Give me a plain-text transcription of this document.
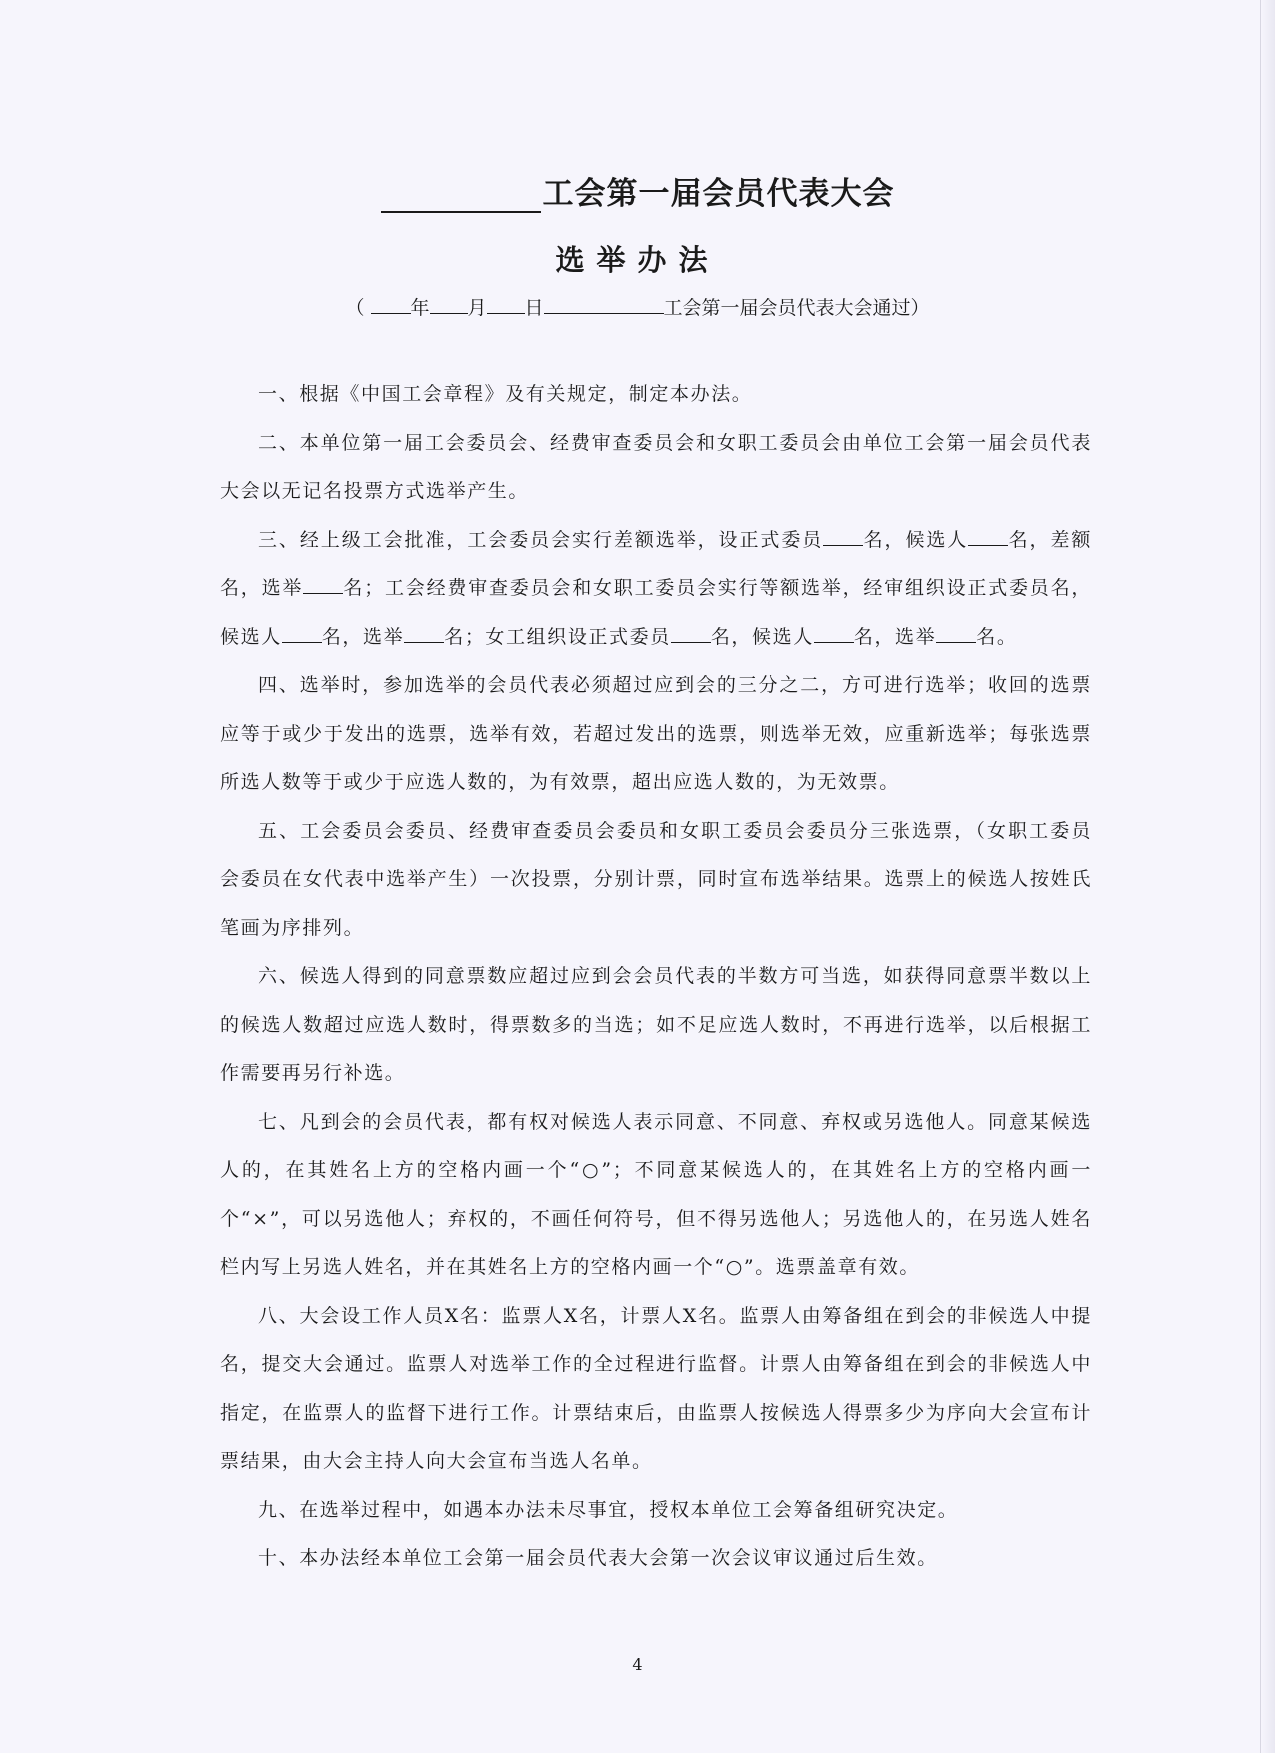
工会第一届会员代表大会
选举办法
（ 年 月 日	工会第一届会员代表大会通过）

一、根据《中国工会章程》及有关规定，制定本办法。

二、本单位第一届工会委员会、经费审查委员会和女职工委员会由单位工会第一届会员代表大会以无记名投票方式选举产生。

三、经上级工会批准，工会委员会实行差额选举，设正式委员 名，候选人 名，差额名，选举 名；工会经费审查委员会和女职工委员会实行等额选举，经审组织设正式委员名，候选人 名，选举 名；女工组织设正式委员 名，候选人 名，选举 名。

四、选举时，参加选举的会员代表必须超过应到会的三分之二，方可进行选举；收回的选票应等于或少于发出的选票，选举有效，若超过发出的选票，则选举无效，应重新选举；每张选票所选人数等于或少于应选人数的，为有效票，超出应选人数的，为无效票。

五、工会委员会委员、经费审查委员会委员和女职工委员会委员分三张选票，（女职工委员会委员在女代表中选举产生）一次投票，分别计票，同时宣布选举结果。选票上的候选人按姓氏笔画为序排列。

六、候选人得到的同意票数应超过应到会会员代表的半数方可当选，如获得同意票半数以上的候选人数超过应选人数时，得票数多的当选；如不足应选人数时，不再进行选举，以后根据工作需要再另行补选。

七、凡到会的会员代表，都有权对候选人表示同意、不同意、弃权或另选他人。同意某候选人的，在其姓名上方的空格内画一个“○”；不同意某候选人的，在其姓名上方的空格内画一个“×”，可以另选他人；弃权的，不画任何符号，但不得另选他人；另选他人的，在另选人姓名栏内写上另选人姓名，并在其姓名上方的空格内画一个“○”。选票盖章有效。

八、大会设工作人员X名：监票人X名，计票人X名。监票人由筹备组在到会的非候选人中提名，提交大会通过。监票人对选举工作的全过程进行监督。计票人由筹备组在到会的非候选人中指定，在监票人的监督下进行工作。计票结束后，由监票人按候选人得票多少为序向大会宣布计票结果，由大会主持人向大会宣布当选人名单。

九、在选举过程中，如遇本办法未尽事宜，授权本单位工会筹备组研究决定。

十、本办法经本单位工会第一届会员代表大会第一次会议审议通过后生效。

4
